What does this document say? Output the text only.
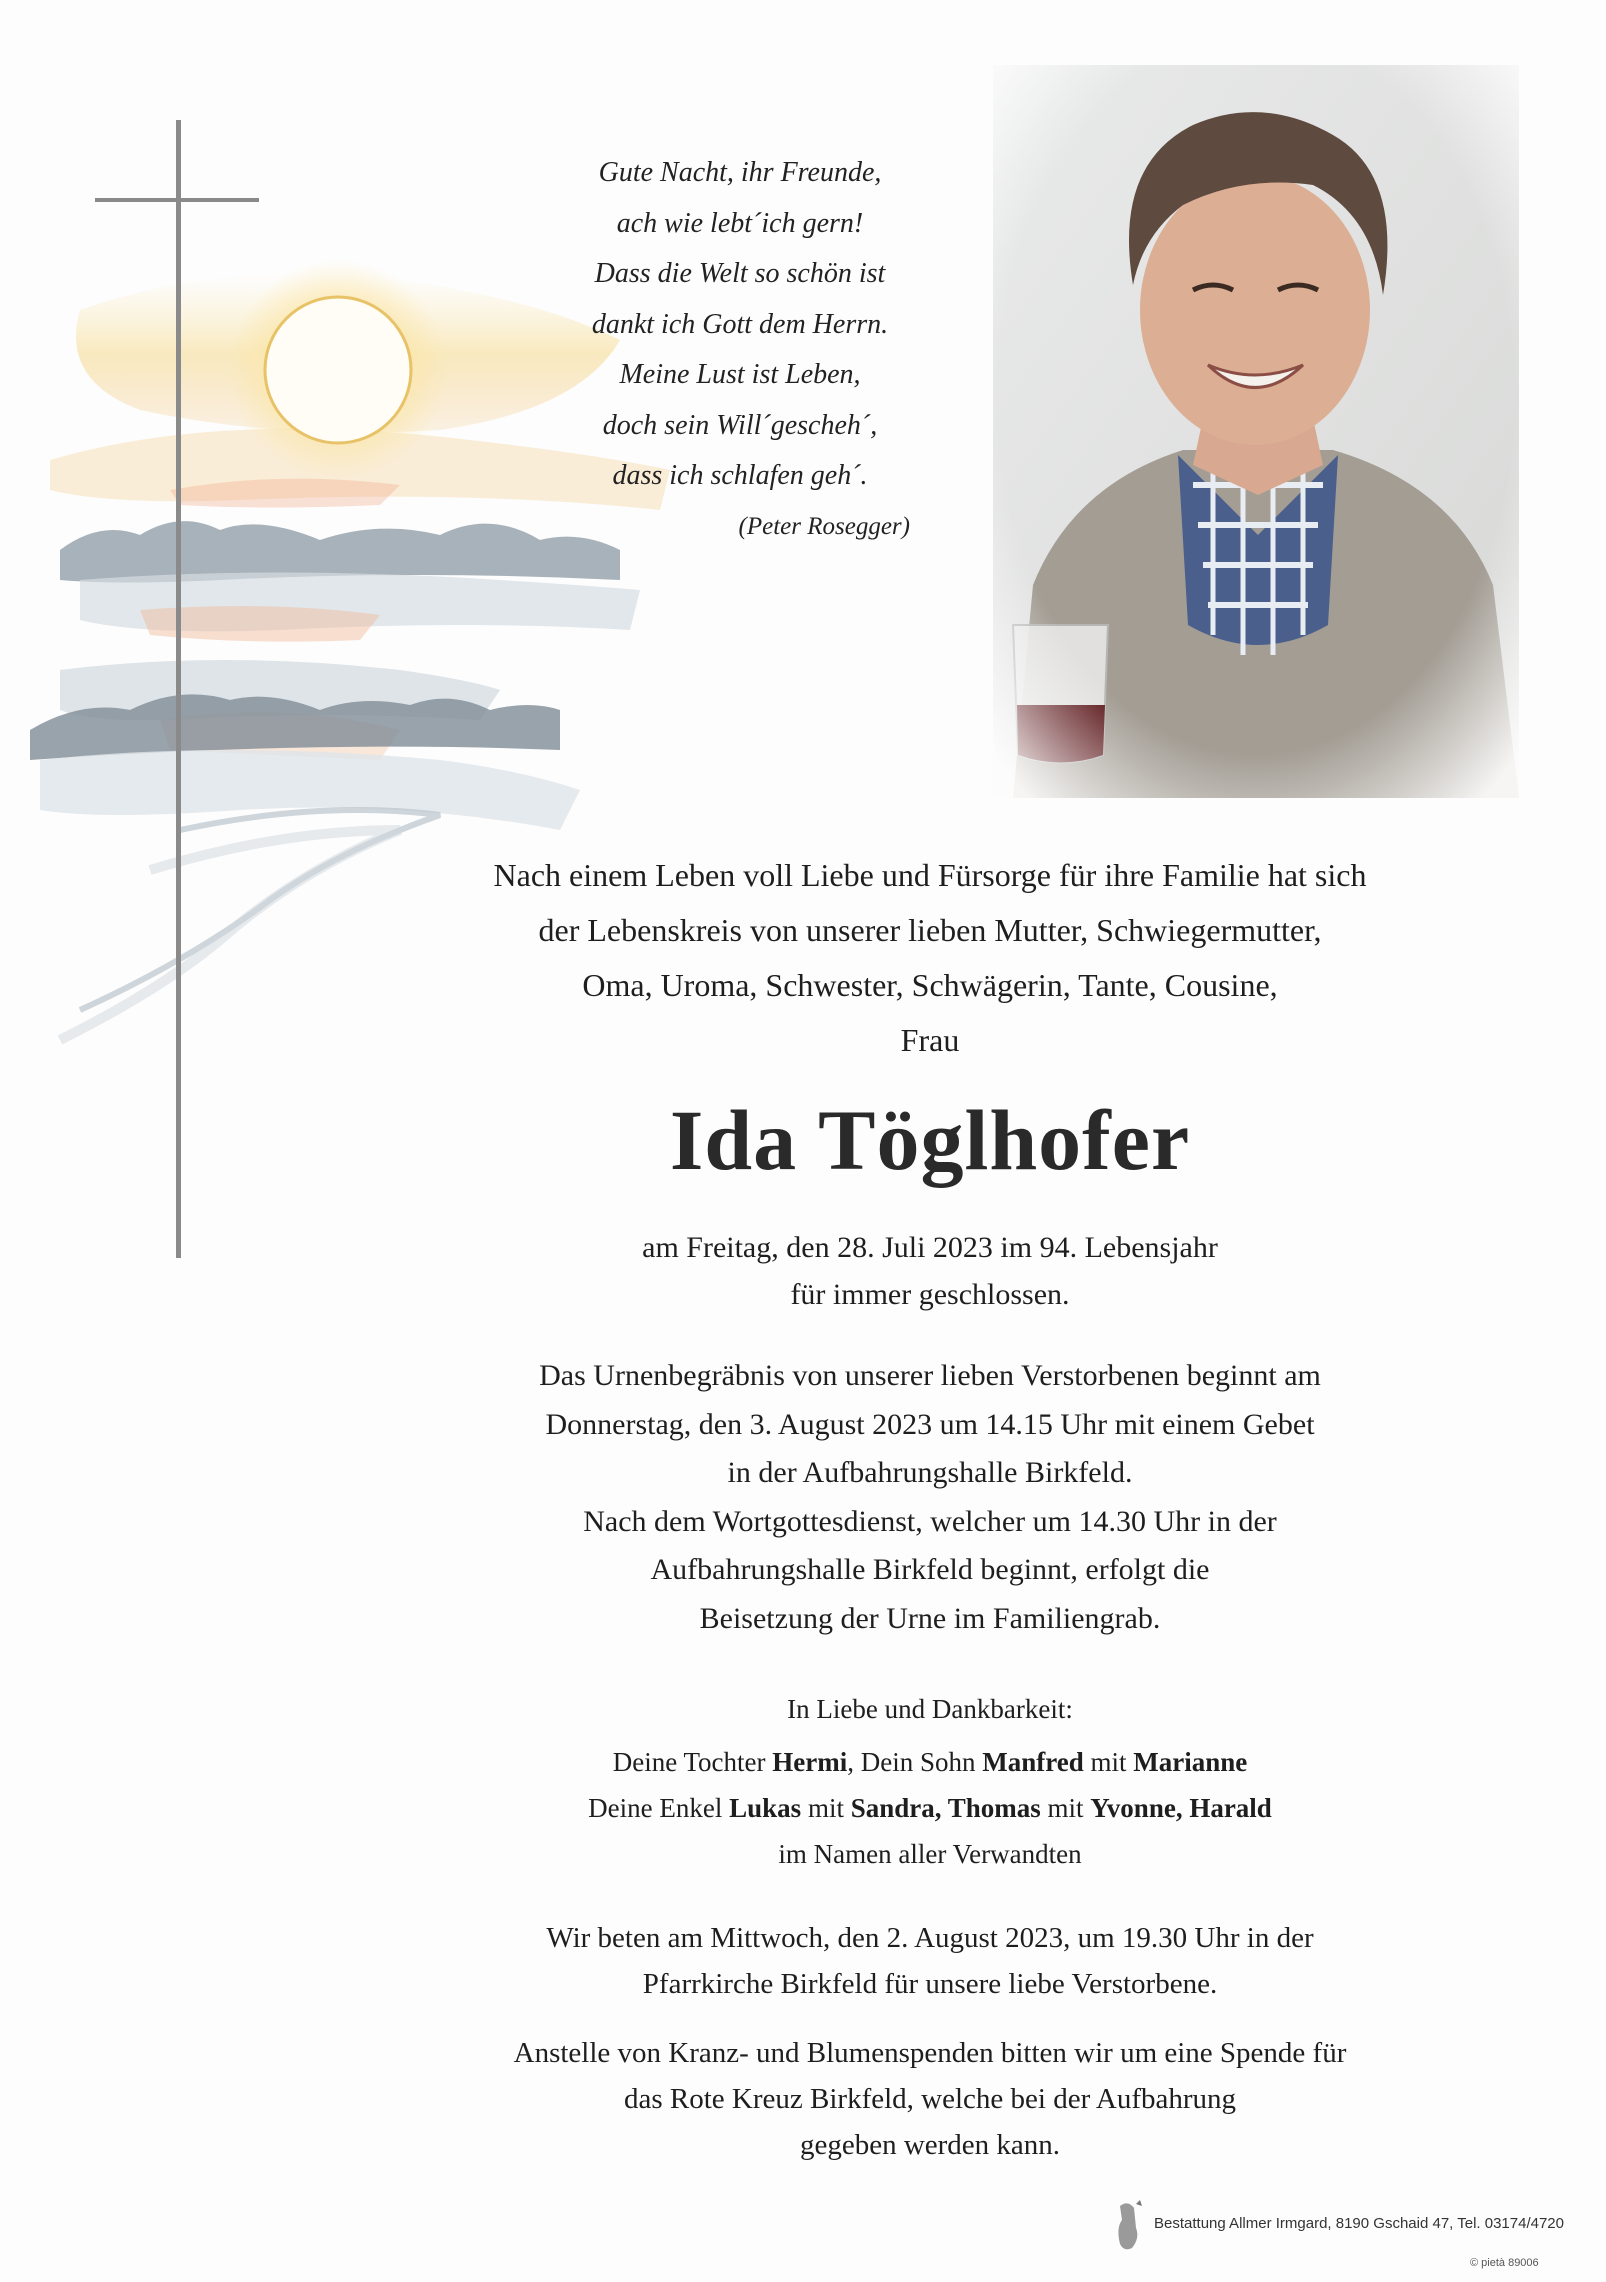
Gute Nacht, ihr Freunde,
ach wie lebt´ich gern!
Dass die Welt so schön ist
dankt ich Gott dem Herrn.
Meine Lust ist Leben,
doch sein Will´gescheh´,
dass ich schlafen geh´.
(Peter Rosegger)
Nach einem Leben voll Liebe und Fürsorge für ihre Familie hat sich
der Lebenskreis von unserer lieben Mutter, Schwiegermutter,
Oma, Uroma, Schwester, Schwägerin, Tante, Cousine,
Frau
Ida Töglhofer
am Freitag, den 28. Juli 2023 im 94. Lebensjahr
für immer geschlossen.
Das Urnenbegräbnis von unserer lieben Verstorbenen beginnt am
Donnerstag, den 3. August 2023 um 14.15 Uhr mit einem Gebet
in der Aufbahrungshalle Birkfeld.
Nach dem Wortgottesdienst, welcher um 14.30 Uhr in der
Aufbahrungshalle Birkfeld beginnt, erfolgt die
Beisetzung der Urne im Familiengrab.
In Liebe und Dankbarkeit:
Deine Tochter Hermi, Dein Sohn Manfred mit Marianne
Deine Enkel Lukas mit Sandra, Thomas mit Yvonne, Harald
im Namen aller Verwandten
Wir beten am Mittwoch, den 2. August 2023, um 19.30 Uhr in der
Pfarrkirche Birkfeld für unsere liebe Verstorbene.
Anstelle von Kranz- und Blumenspenden bitten wir um eine Spende für
das Rote Kreuz Birkfeld, welche bei der Aufbahrung
gegeben werden kann.
Bestattung Allmer Irmgard, 8190 Gschaid 47, Tel. 03174/4720
© pietà 89006
